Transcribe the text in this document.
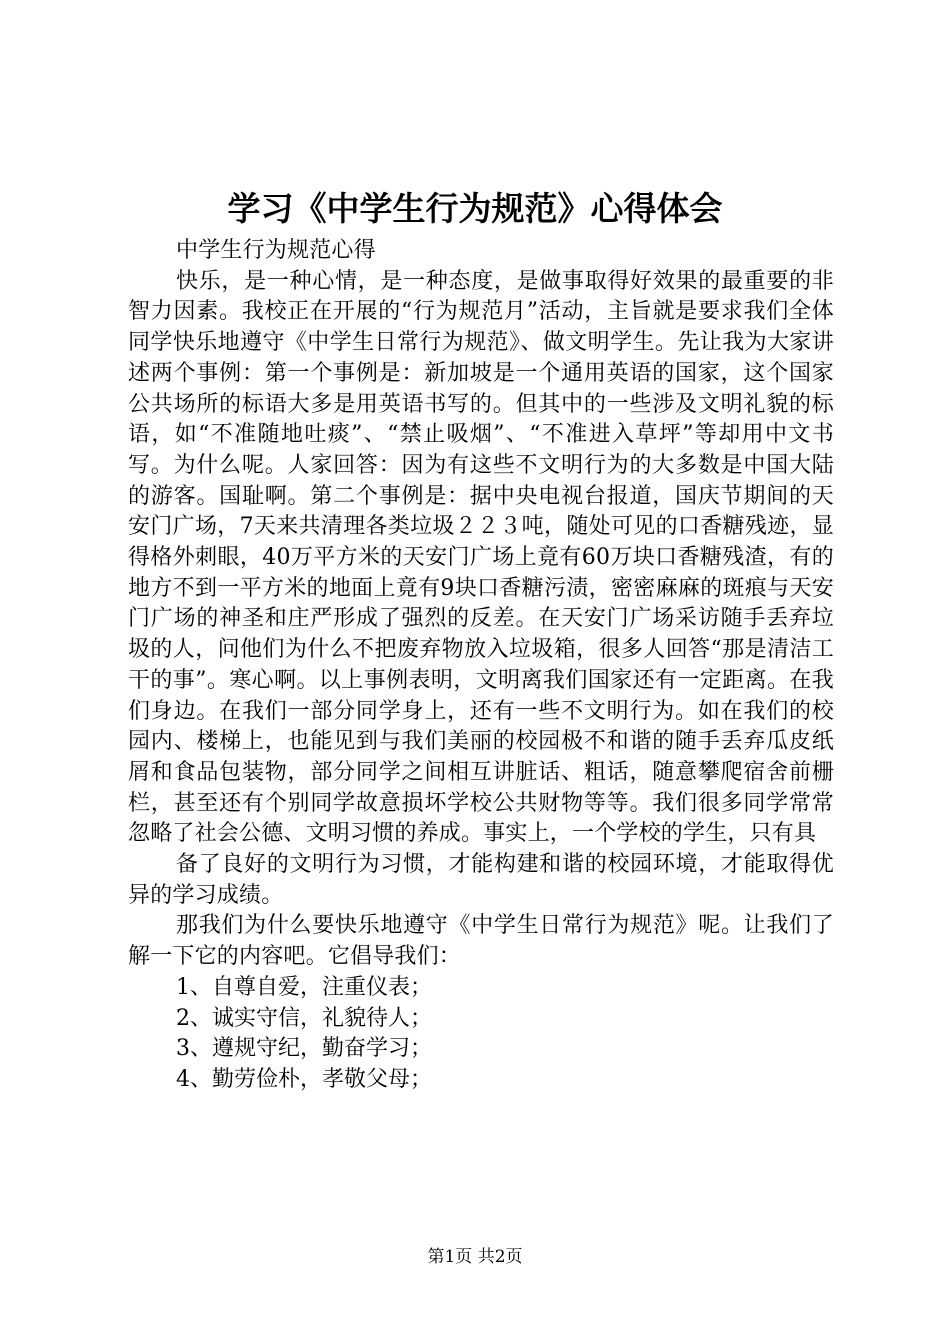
学习《中学生行为规范》心得体会

中学生行为规范心得

快乐，是一种心情，是一种态度，是做事取得好效果的最重要的非智力因素。我校正在开展的“行为规范月”活动，主旨就是要求我们全体同学快乐地遵守《中学生日常行为规范》、做文明学生。先让我为大家讲述两个事例：第一个事例是：新加坡是一个通用英语的国家，这个国家公共场所的标语大多是用英语书写的。但其中的一些涉及文明礼貌的标语，如“不准随地吐痰”、“禁止吸烟”、“不准进入草坪”等却用中文书写。为什么呢。人家回答：因为有这些不文明行为的大多数是中国大陆的游客。国耻啊。第二个事例是：据中央电视台报道，国庆节期间的天安门广场，7天来共清理各类垃圾２２３吨，随处可见的口香糖残迹，显得格外刺眼，40万平方米的天安门广场上竟有60万块口香糖残渣，有的地方不到一平方米的地面上竟有9块口香糖污渍，密密麻麻的斑痕与天安门广场的神圣和庄严形成了强烈的反差。在天安门广场采访随手丢弃垃圾的人，问他们为什么不把废弃物放入垃圾箱，很多人回答“那是清洁工干的事”。寒心啊。以上事例表明，文明离我们国家还有一定距离。在我们身边。在我们一部分同学身上，还有一些不文明行为。如在我们的校园内、楼梯上，也能见到与我们美丽的校园极不和谐的随手丢弃瓜皮纸屑和食品包装物，部分同学之间相互讲脏话、粗话，随意攀爬宿舍前栅栏，甚至还有个别同学故意损坏学校公共财物等等。我们很多同学常常忽略了社会公德、文明习惯的养成。事实上，一个学校的学生，只有具

备了良好的文明行为习惯，才能构建和谐的校园环境，才能取得优异的学习成绩。

那我们为什么要快乐地遵守《中学生日常行为规范》呢。让我们了解一下它的内容吧。它倡导我们：

1、自尊自爱，注重仪表；

2、诚实守信，礼貌待人；

3、遵规守纪，勤奋学习；

4、勤劳俭朴，孝敬父母；

第1页 共2页
